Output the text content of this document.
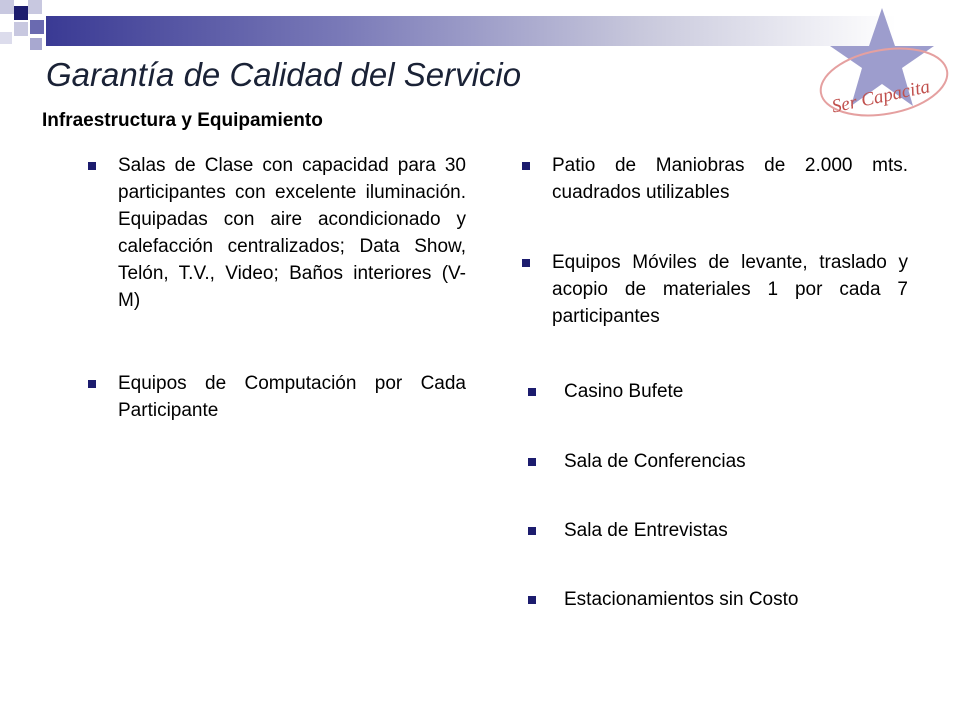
Ser Capacita
Garantía de Calidad del Servicio
Infraestructura y Equipamiento
Salas de Clase con capacidad para 30 participantes con excelente iluminación. Equipadas con aire acondicionado y calefacción centralizados; Data Show, Telón, T.V., Video; Baños interiores (V- M)
Equipos de Computación por Cada Participante
Patio de Maniobras de 2.000 mts. cuadrados utilizables
Equipos Móviles de levante, traslado y acopio de materiales 1 por cada 7 participantes
Casino Bufete
Sala de Conferencias
Sala de Entrevistas
Estacionamientos sin Costo
